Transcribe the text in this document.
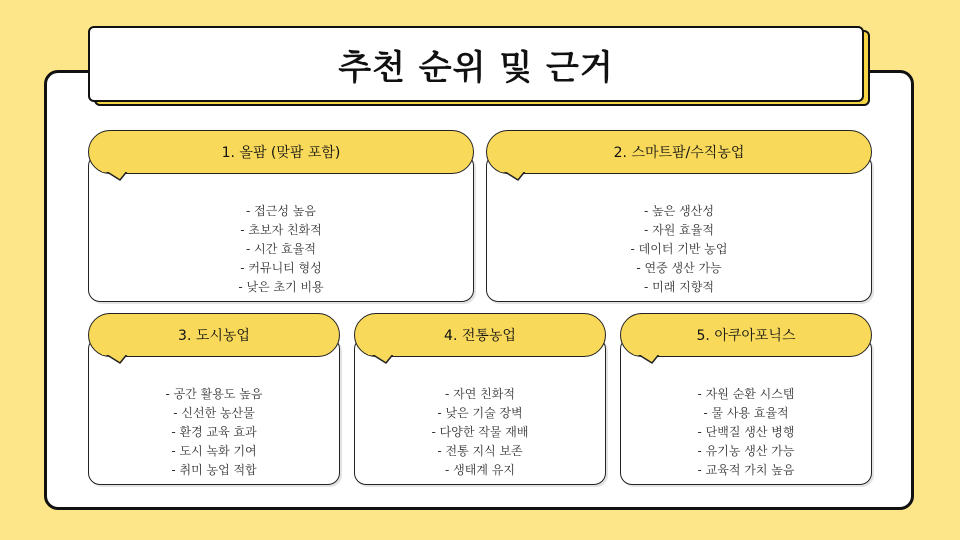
추천 순위 및 근거
1. 올팜 (맞팜 포함)
- 접근성 높음
- 초보자 친화적
- 시간 효율적
- 커뮤니티 형성
- 낮은 초기 비용
2. 스마트팜/수직농업
- 높은 생산성
- 자원 효율적
- 데이터 기반 농업
- 연중 생산 가능
- 미래 지향적
3. 도시농업
- 공간 활용도 높음
- 신선한 농산물
- 환경 교육 효과
- 도시 녹화 기여
- 취미 농업 적합
4. 전통농업
- 자연 친화적
- 낮은 기술 장벽
- 다양한 작물 재배
- 전통 지식 보존
- 생태계 유지
5. 아쿠아포닉스
- 자원 순환 시스템
- 물 사용 효율적
- 단백질 생산 병행
- 유기농 생산 가능
- 교육적 가치 높음
